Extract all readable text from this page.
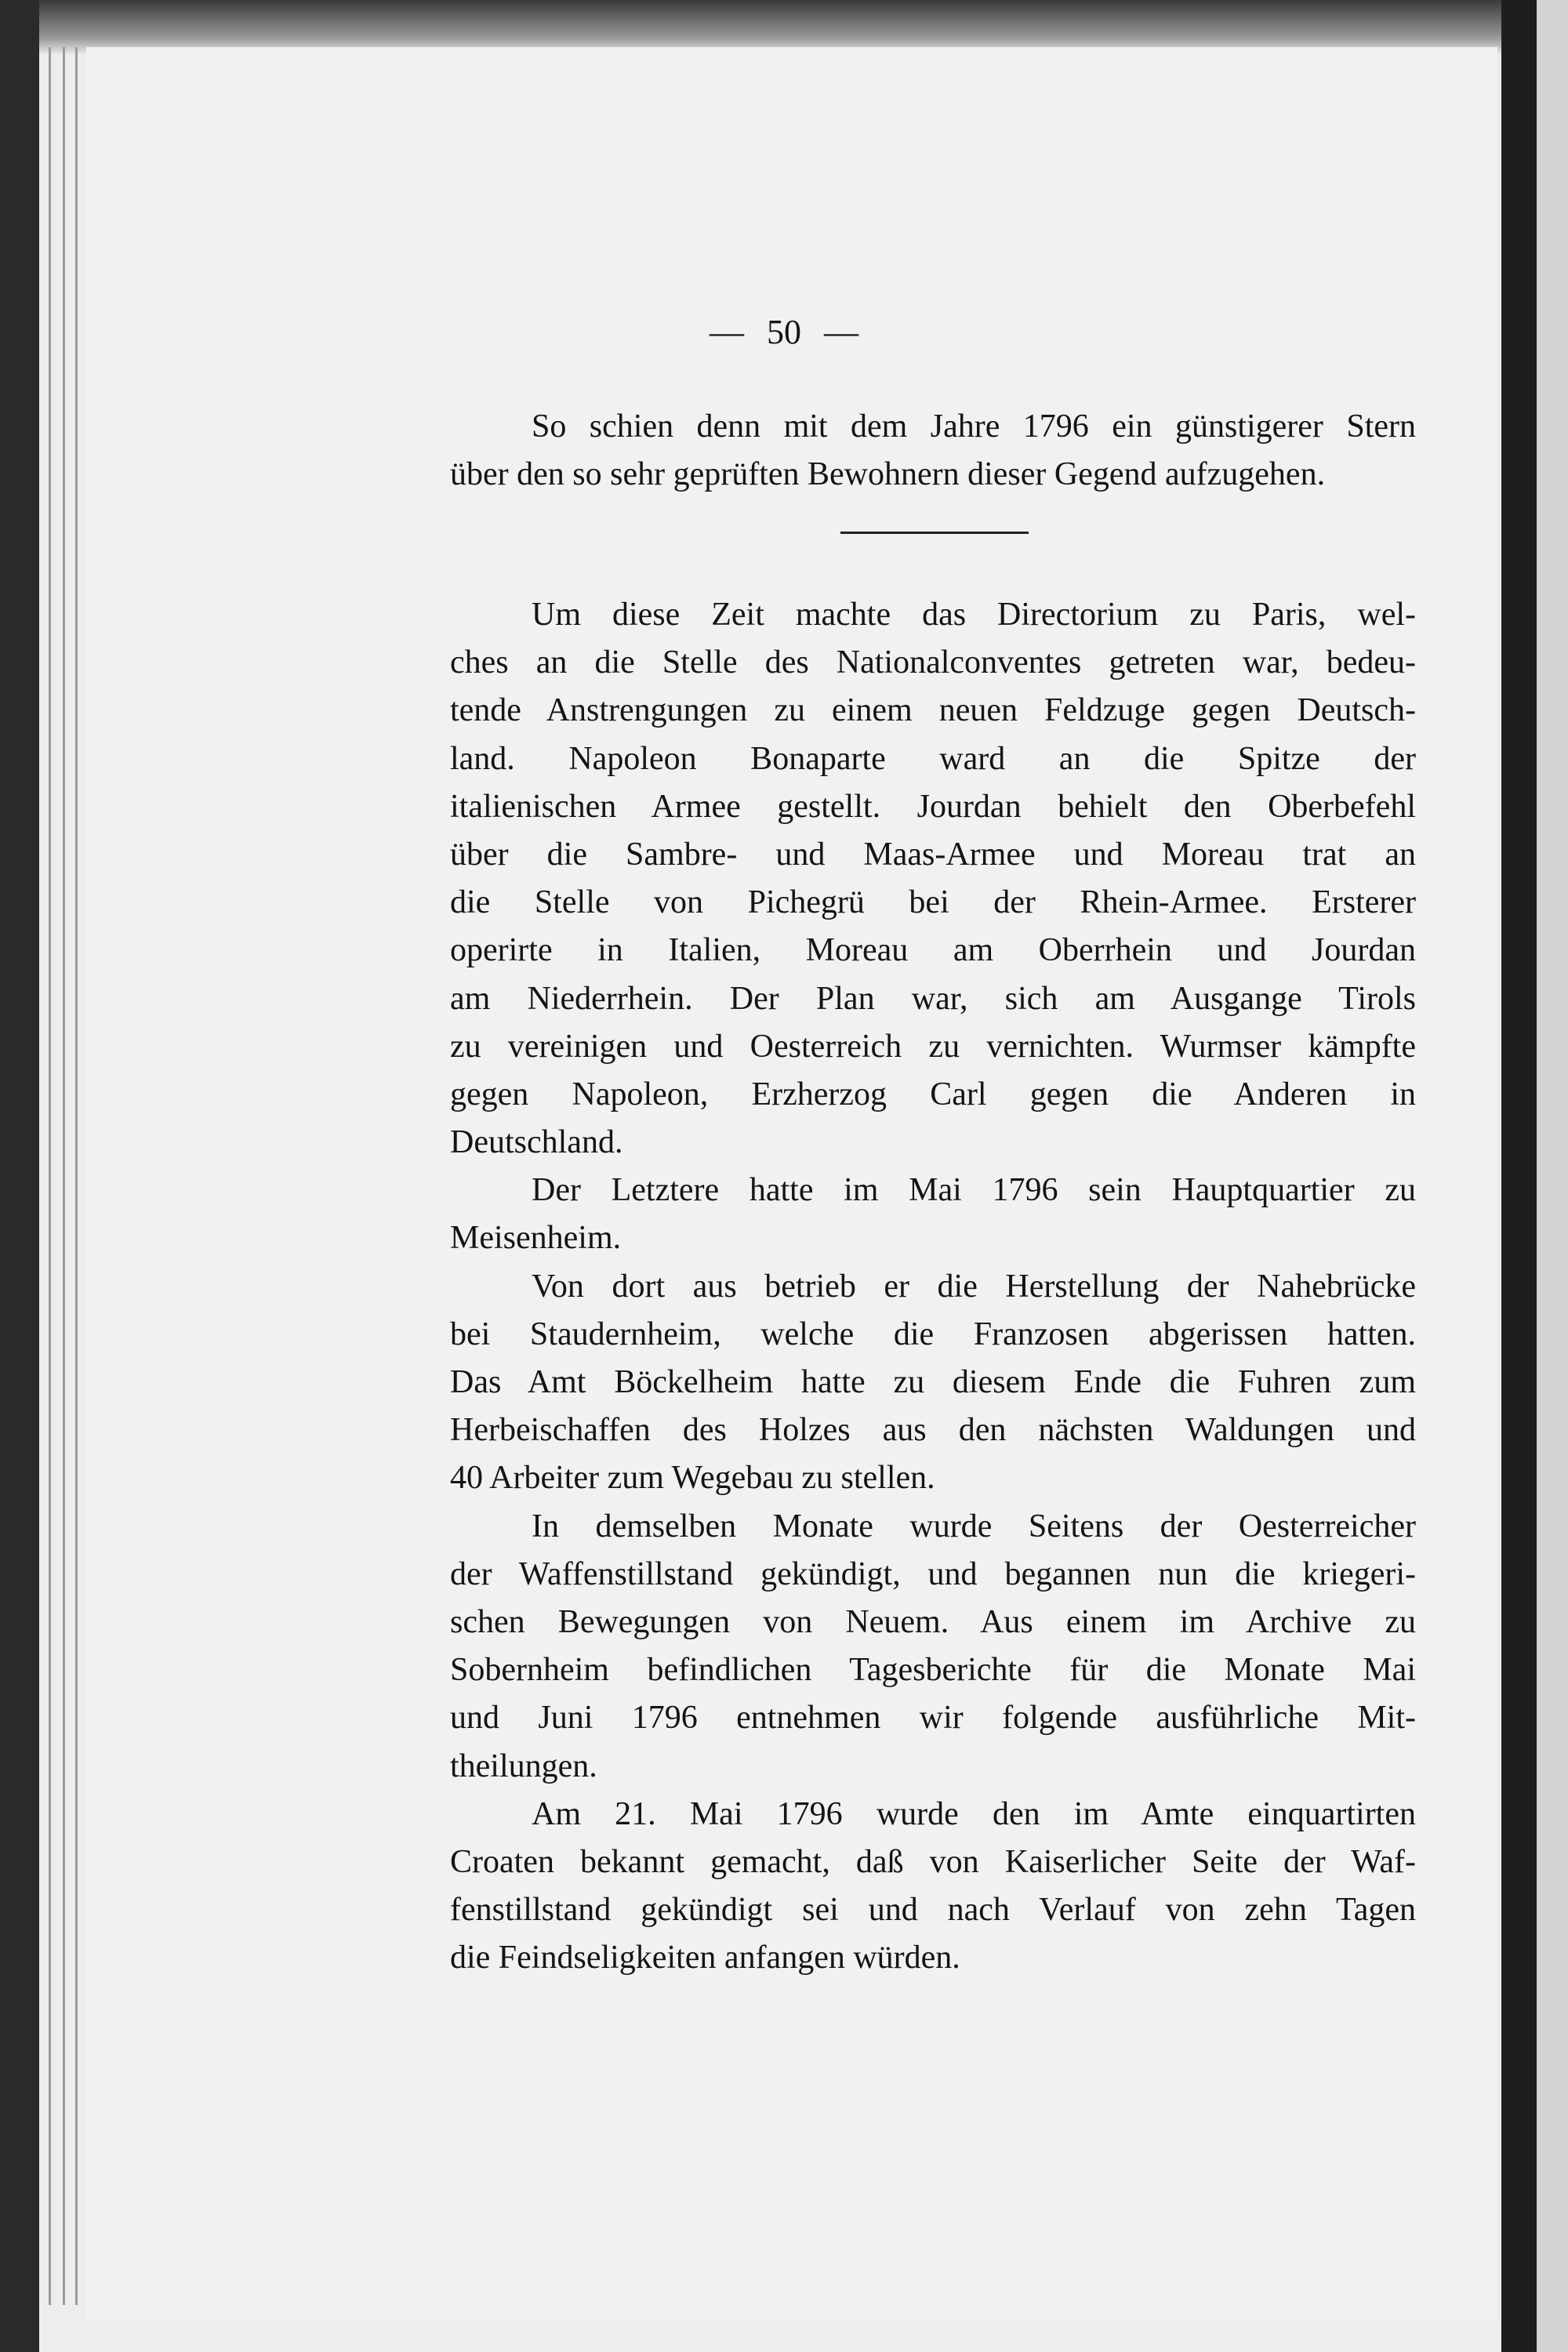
— 50 —
So schien denn mit dem Jahre 1796 ein günstigerer Stern
über den so sehr geprüften Bewohnern dieser Gegend aufzugehen.
Um diese Zeit machte das Directorium zu Paris, wel-
ches an die Stelle des Nationalconventes getreten war, bedeu-
tende Anstrengungen zu einem neuen Feldzuge gegen Deutsch-
land. Napoleon Bonaparte ward an die Spitze der
italienischen Armee gestellt. Jourdan behielt den Oberbefehl
über die Sambre- und Maas-Armee und Moreau trat an
die Stelle von Pichegrü bei der Rhein-Armee. Ersterer
operirte in Italien, Moreau am Oberrhein und Jourdan
am Niederrhein. Der Plan war, sich am Ausgange Tirols
zu vereinigen und Oesterreich zu vernichten. Wurmser kämpfte
gegen Napoleon, Erzherzog Carl gegen die Anderen in
Deutschland.
Der Letztere hatte im Mai 1796 sein Hauptquartier zu
Meisenheim.
Von dort aus betrieb er die Herstellung der Nahebrücke
bei Staudernheim, welche die Franzosen abgerissen hatten.
Das Amt Böckelheim hatte zu diesem Ende die Fuhren zum
Herbeischaffen des Holzes aus den nächsten Waldungen und
40 Arbeiter zum Wegebau zu stellen.
In demselben Monate wurde Seitens der Oesterreicher
der Waffenstillstand gekündigt, und begannen nun die kriegeri-
schen Bewegungen von Neuem. Aus einem im Archive zu
Sobernheim befindlichen Tagesberichte für die Monate Mai
und Juni 1796 entnehmen wir folgende ausführliche Mit-
theilungen.
Am 21. Mai 1796 wurde den im Amte einquartirten
Croaten bekannt gemacht, daß von Kaiserlicher Seite der Waf-
fenstillstand gekündigt sei und nach Verlauf von zehn Tagen
die Feindseligkeiten anfangen würden.
